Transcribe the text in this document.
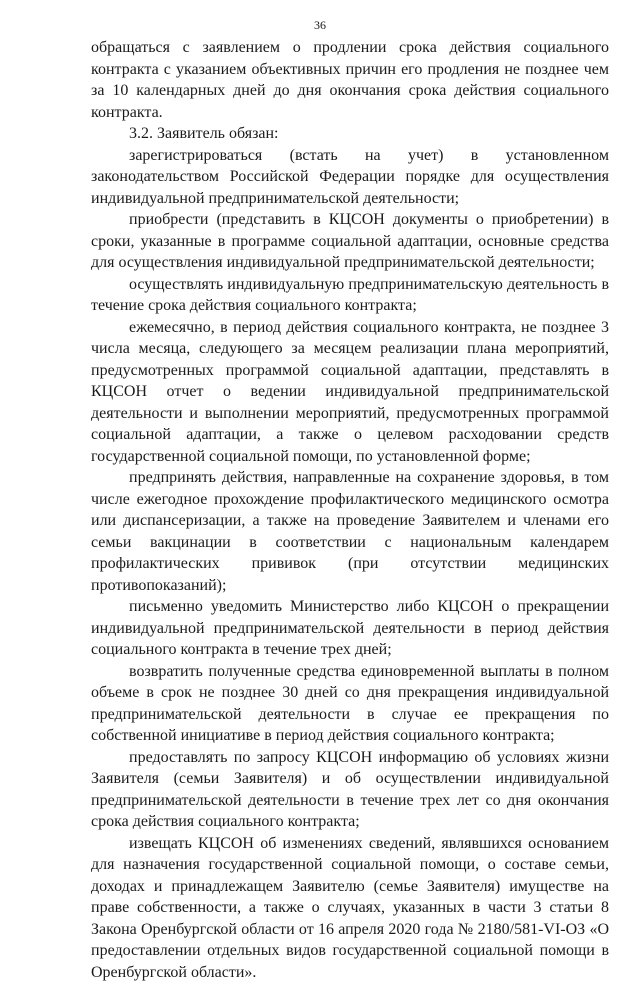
36

обращаться с заявлением о продлении срока действия социального контракта с указанием объективных причин его продления не позднее чем за 10 календарных дней до дня окончания срока действия социального контракта.

3.2. Заявитель обязан:

зарегистрироваться (встать на учет) в установленном законодательством Российской Федерации порядке для осуществления индивидуальной предпринимательской деятельности;

приобрести (представить в КЦСОН документы о приобретении) в сроки, указанные в программе социальной адаптации, основные средства для осуществления индивидуальной предпринимательской деятельности;

осуществлять индивидуальную предпринимательскую деятельность в течение срока действия социального контракта;

ежемесячно, в период действия социального контракта, не позднее 3 числа месяца, следующего за месяцем реализации плана мероприятий, предусмотренных программой социальной адаптации, представлять в КЦСОН отчет о ведении индивидуальной предпринимательской деятельности и выполнении мероприятий, предусмотренных программой социальной адаптации, а также о целевом расходовании средств государственной социальной помощи, по установленной форме;

предпринять действия, направленные на сохранение здоровья, в том числе ежегодное прохождение профилактического медицинского осмотра или диспансеризации, а также на проведение Заявителем и членами его семьи вакцинации в соответствии с национальным календарем профилактических прививок (при отсутствии медицинских противопоказаний);

письменно уведомить Министерство либо КЦСОН о прекращении индивидуальной предпринимательской деятельности в период действия социального контракта в течение трех дней;

возвратить полученные средства единовременной выплаты в полном объеме в срок не позднее 30 дней со дня прекращения индивидуальной предпринимательской деятельности в случае ее прекращения по собственной инициативе в период действия социального контракта;

предоставлять по запросу КЦСОН информацию об условиях жизни Заявителя (семьи Заявителя) и об осуществлении индивидуальной предпринимательской деятельности в течение трех лет со дня окончания срока действия социального контракта;

извещать КЦСОН об изменениях сведений, являвшихся основанием для назначения государственной социальной помощи, о составе семьи, доходах и принадлежащем Заявителю (семье Заявителя) имуществе на праве собственности, а также о случаях, указанных в части 3 статьи 8 Закона Оренбургской области от 16 апреля 2020 года № 2180/581-VI-ОЗ «О предоставлении отдельных видов государственной социальной помощи в Оренбургской области».
